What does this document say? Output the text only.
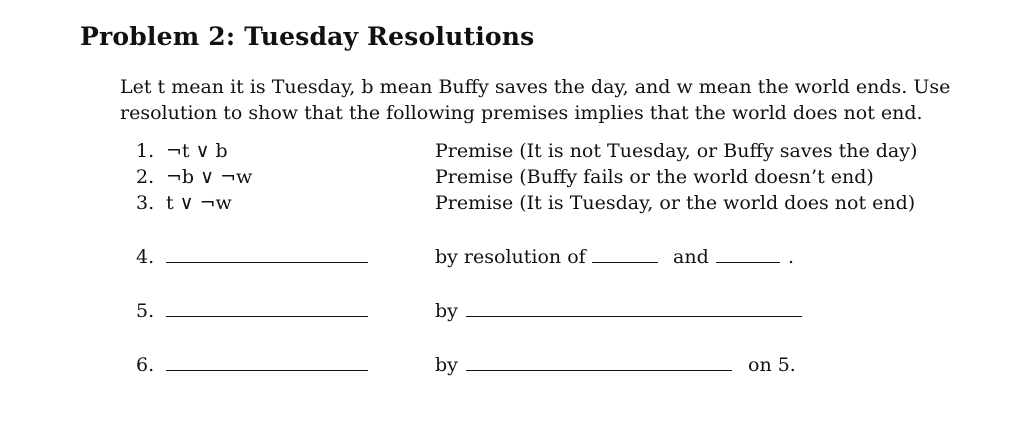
Problem 2: Tuesday Resolutions
Let t mean it is Tuesday, b mean Buffy saves the day, and w mean the world ends. Use
resolution to show that the following premises implies that the world does not end.
1. ¬t ∨ b	Premise (It is not Tuesday, or Buffy saves the day)
2. ¬b ∨ ¬w	Premise (Buffy fails or the world doesn’t end)
3. t ∨ ¬w	Premise (It is Tuesday, or the world does not end)
4.	by resolution of	and	.
5.	by
6.	by	on 5.
